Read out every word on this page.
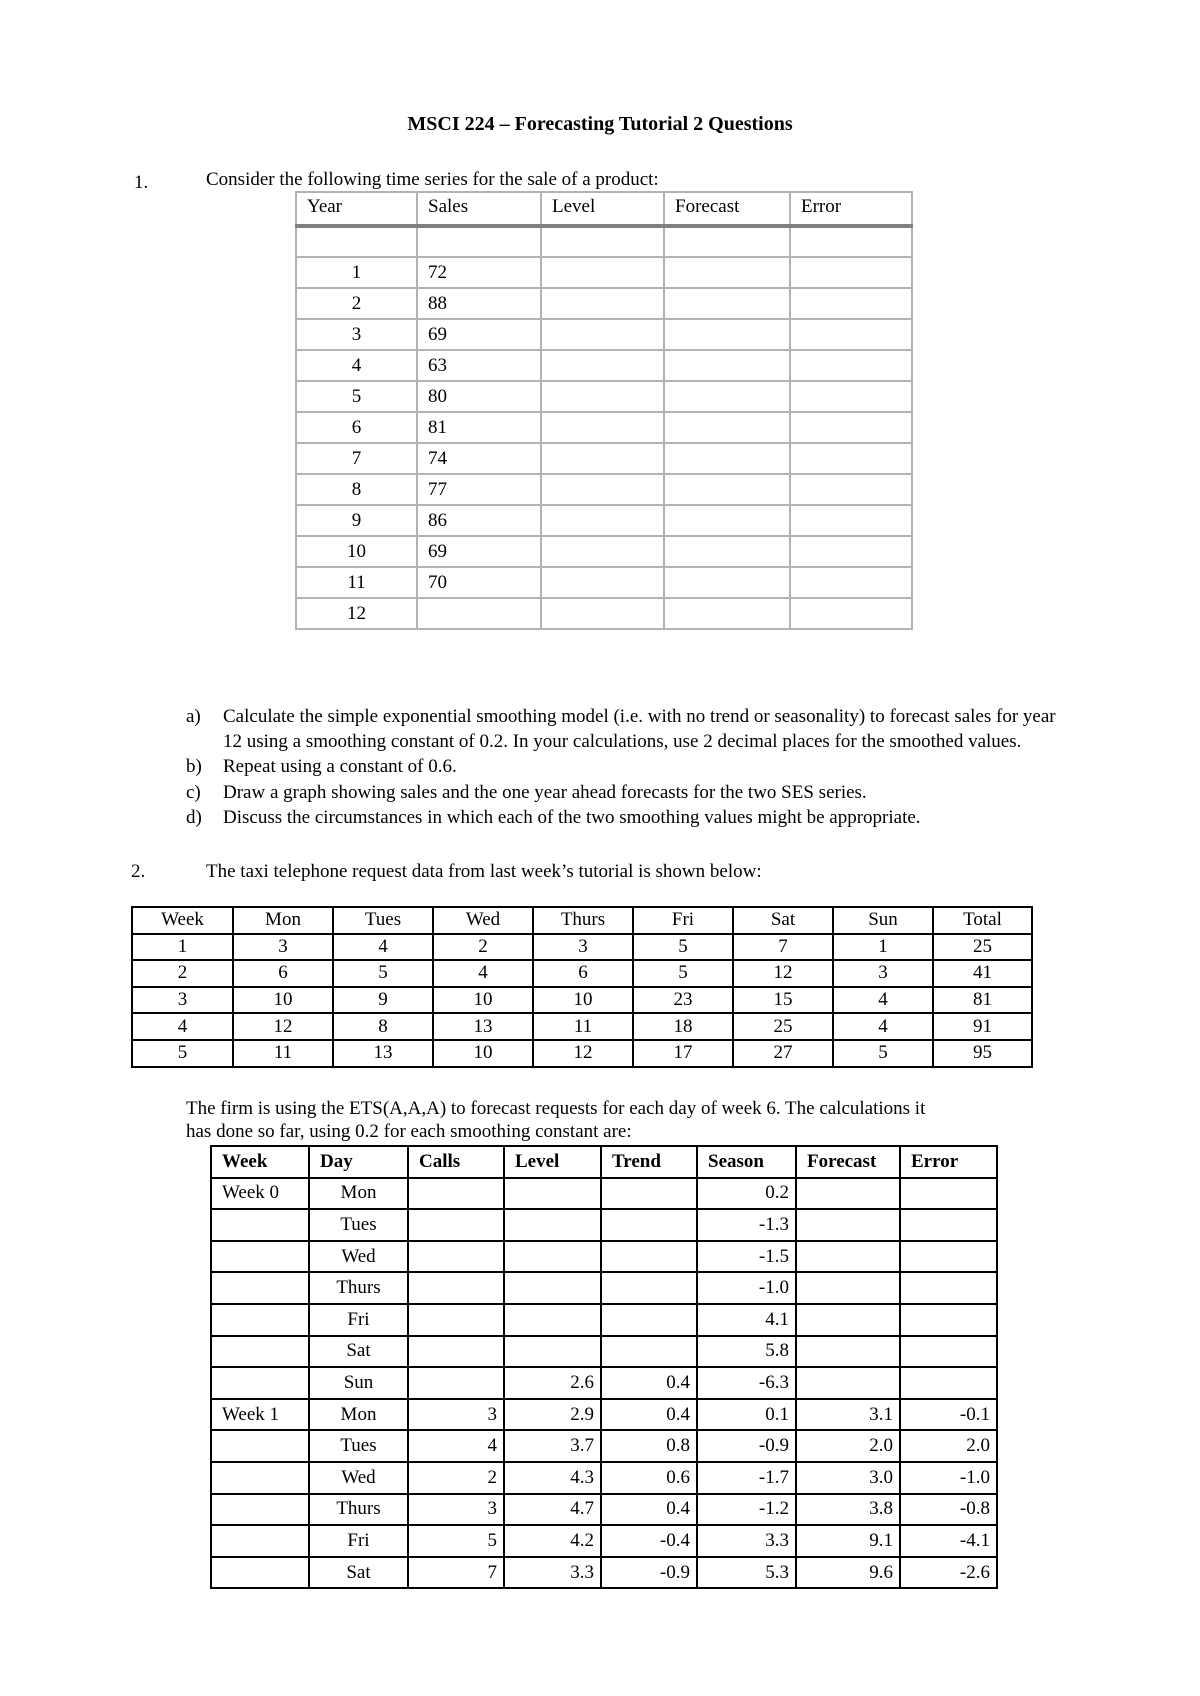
MSCI 224 – Forecasting Tutorial 2 Questions
1.	Consider the following time series for the sale of a product:
Year	Sales	Level	Forecast	Error

1	72			
2	88			
3	69			
4	63			
5	80			
6	81			
7	74			
8	77			
9	86			
10	69			
11	70			
12				
a) Calculate the simple exponential smoothing model (i.e. with no trend or seasonality) to forecast sales for year 12 using a smoothing constant of 0.2. In your calculations, use 2 decimal places for the smoothed values.
b) Repeat using a constant of 0.6.
c) Draw a graph showing sales and the one year ahead forecasts for the two SES series.
d) Discuss the circumstances in which each of the two smoothing values might be appropriate.
2.	The taxi telephone request data from last week’s tutorial is shown below:
Week	Mon	Tues	Wed	Thurs	Fri	Sat	Sun	Total
1	3	4	2	3	5	7	1	25
2	6	5	4	6	5	12	3	41
3	10	9	10	10	23	15	4	81
4	12	8	13	11	18	25	4	91
5	11	13	10	12	17	27	5	95
The firm is using the ETS(A,A,A) to forecast requests for each day of week 6. The calculations it
has done so far, using 0.2 for each smoothing constant are:
Week	Day	Calls	Level	Trend	Season	Forecast	Error
Week 0	Mon				0.2		
	Tues				-1.3		
	Wed				-1.5		
	Thurs				-1.0		
	Fri				4.1		
	Sat				5.8		
	Sun		2.6	0.4	-6.3		
Week 1	Mon	3	2.9	0.4	0.1	3.1	-0.1
	Tues	4	3.7	0.8	-0.9	2.0	2.0
	Wed	2	4.3	0.6	-1.7	3.0	-1.0
	Thurs	3	4.7	0.4	-1.2	3.8	-0.8
	Fri	5	4.2	-0.4	3.3	9.1	-4.1
	Sat	7	3.3	-0.9	5.3	9.6	-2.6
